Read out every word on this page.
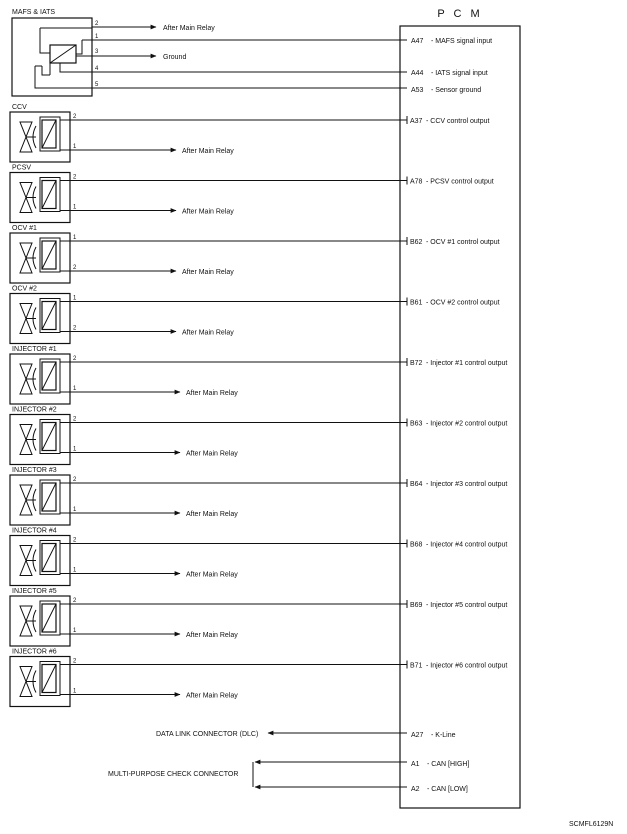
P C M
MAFS & IATS
2
After Main Relay
1
A47 - MAFS signal input
3
Ground
4
A44 - IATS signal input
5
A53 - Sensor ground
CCV
2
A37 - CCV control output
1
After Main Relay
PCSV
2
A78 - PCSV control output
1
After Main Relay
OCV #1
1
B62 - OCV #1 control output
2
After Main Relay
OCV #2
1
B61 - OCV #2 control output
2
After Main Relay
INJECTOR #1
2
B72 - Injector #1 control output
1
After Main Relay
INJECTOR #2
2
B63 - Injector #2 control output
1
After Main Relay
INJECTOR #3
2
B64 - Injector #3 control output
1
After Main Relay
INJECTOR #4
2
B68 - Injector #4 control output
1
After Main Relay
INJECTOR #5
2
B69 - Injector #5 control output
1
After Main Relay
INJECTOR #6
2
B71 - Injector #6 control output
1
After Main Relay
DATA LINK CONNECTOR (DLC)	A27 - K-Line
MULTI-PURPOSE CHECK CONNECTOR
A1 - CAN [HIGH]
A2 - CAN [LOW]
SCMFL6129N
